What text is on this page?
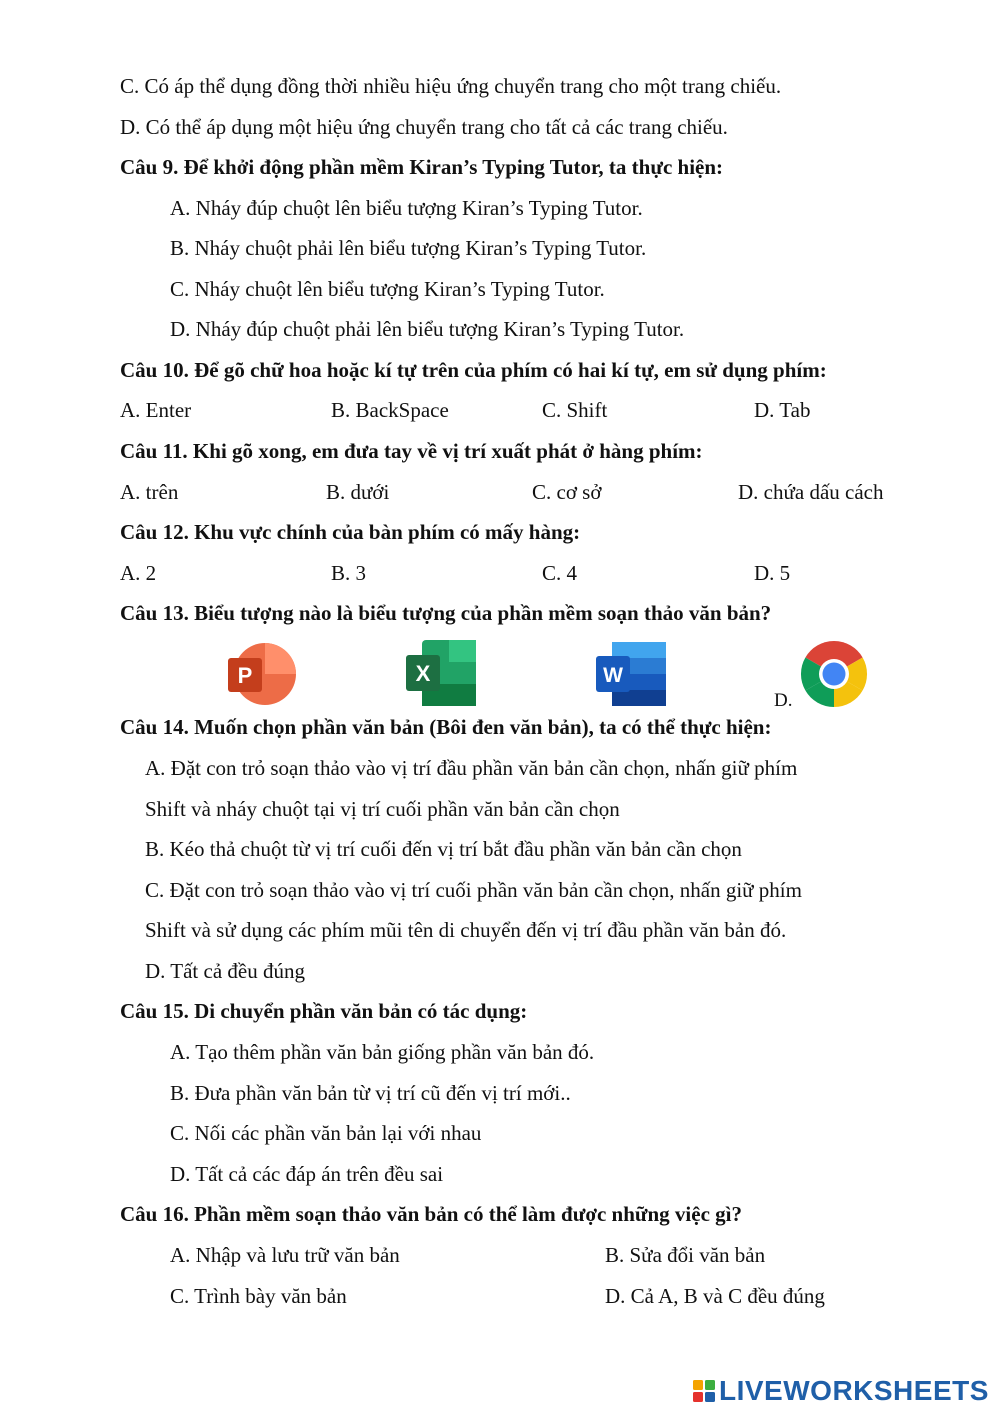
C. Có áp thể dụng đồng thời nhiều hiệu ứng chuyển trang cho một trang chiếu.
D. Có thể áp dụng một hiệu ứng chuyển trang cho tất cả các trang chiếu.
Câu 9. Để khởi động phần mềm Kiran’s Typing Tutor, ta thực hiện:
A. Nháy đúp chuột lên biểu tượng Kiran’s Typing Tutor.
B. Nháy chuột phải lên biểu tượng Kiran’s Typing Tutor.
C. Nháy chuột lên biểu tượng Kiran’s Typing Tutor.
D. Nháy đúp chuột phải lên biểu tượng Kiran’s Typing Tutor.
Câu 10. Để gõ chữ hoa hoặc kí tự trên của phím có hai kí tự, em sử dụng phím:
A. Enter	B. BackSpace	C. Shift	D. Tab
Câu 11. Khi gõ xong, em đưa tay về vị trí xuất phát ở hàng phím:
A. trên	B. dưới	C. cơ sở	D. chứa dấu cách
Câu 12. Khu vực chính của bàn phím có mấy hàng:
A. 2	B. 3	C. 4	D. 5
Câu 13. Biểu tượng nào là biểu tượng của phần mềm soạn thảo văn bản?
P	X	W
D.
Câu 14. Muốn chọn phần văn bản (Bôi đen văn bản), ta có thể thực hiện:
A. Đặt con trỏ soạn thảo vào vị trí đầu phần văn bản cần chọn, nhấn giữ phím
Shift và nháy chuột tại vị trí cuối phần văn bản cần chọn
B. Kéo thả chuột từ vị trí cuối đến vị trí bắt đầu phần văn bản cần chọn
C. Đặt con trỏ soạn thảo vào vị trí cuối phần văn bản cần chọn, nhấn giữ phím
Shift và sử dụng các phím mũi tên di chuyển đến vị trí đầu phần văn bản đó.
D. Tất cả đều đúng
Câu 15. Di chuyển phần văn bản có tác dụng:
A. Tạo thêm phần văn bản giống phần văn bản đó.
B. Đưa phần văn bản từ vị trí cũ đến vị trí mới..
C. Nối các phần văn bản lại với nhau
D. Tất cả các đáp án trên đều sai
Câu 16. Phần mềm soạn thảo văn bản có thể làm được những việc gì?
A. Nhập và lưu trữ văn bản	B. Sửa đổi văn bản
C. Trình bày văn bản	D. Cả A, B và C đều đúng
LIVEWORKSHEETS
